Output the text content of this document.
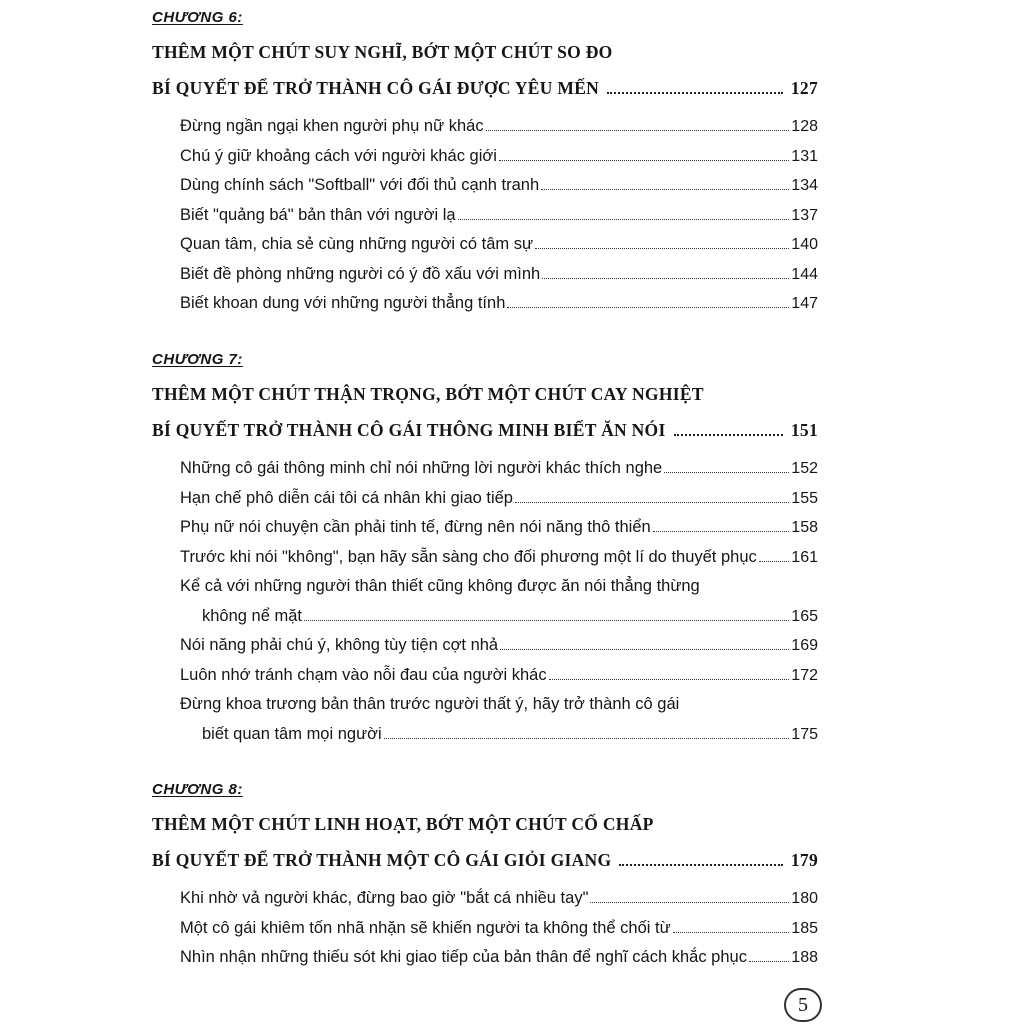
CHƯƠNG 6:
THÊM MỘT CHÚT SUY NGHĨ, BỚT MỘT CHÚT SO ĐO
BÍ QUYẾT ĐỂ TRỞ THÀNH CÔ GÁI ĐƯỢC YÊU MẾN	127
Đừng ngần ngại khen người phụ nữ khác	128
Chú ý giữ khoảng cách với người khác giới	131
Dùng chính sách "Softball" với đối thủ cạnh tranh	134
Biết "quảng bá" bản thân với người lạ	137
Quan tâm, chia sẻ cùng những người có tâm sự	140
Biết đề phòng những người có ý đồ xấu với mình	144
Biết khoan dung với những người thẳng tính	147
CHƯƠNG 7:
THÊM MỘT CHÚT THẬN TRỌNG, BỚT MỘT CHÚT CAY NGHIỆT
BÍ QUYẾT TRỞ THÀNH CÔ GÁI THÔNG MINH BIẾT ĂN NÓI	151
Những cô gái thông minh chỉ nói những lời người khác thích nghe	152
Hạn chế phô diễn cái tôi cá nhân khi giao tiếp	155
Phụ nữ nói chuyện cần phải tinh tế, đừng nên nói năng thô thiển	158
Trước khi nói "không", bạn hãy sẵn sàng cho đối phương một lí do thuyết phục 161
Kể cả với những người thân thiết cũng không được ăn nói thẳng thừng
không nể mặt	165
Nói năng phải chú ý, không tùy tiện cợt nhả	169
Luôn nhớ tránh chạm vào nỗi đau của người khác	172
Đừng khoa trương bản thân trước người thất ý, hãy trở thành cô gái
biết quan tâm mọi người	175
CHƯƠNG 8:
THÊM MỘT CHÚT LINH HOẠT, BỚT MỘT CHÚT CỐ CHẤP
BÍ QUYẾT ĐỂ TRỞ THÀNH MỘT CÔ GÁI GIỎI GIANG	179
Khi nhờ vả người khác, đừng bao giờ "bắt cá nhiều tay"	180
Một cô gái khiêm tốn nhã nhặn sẽ khiến người ta không thể chối từ	185
Nhìn nhận những thiếu sót khi giao tiếp của bản thân để nghĩ cách khắc phục	188
5
